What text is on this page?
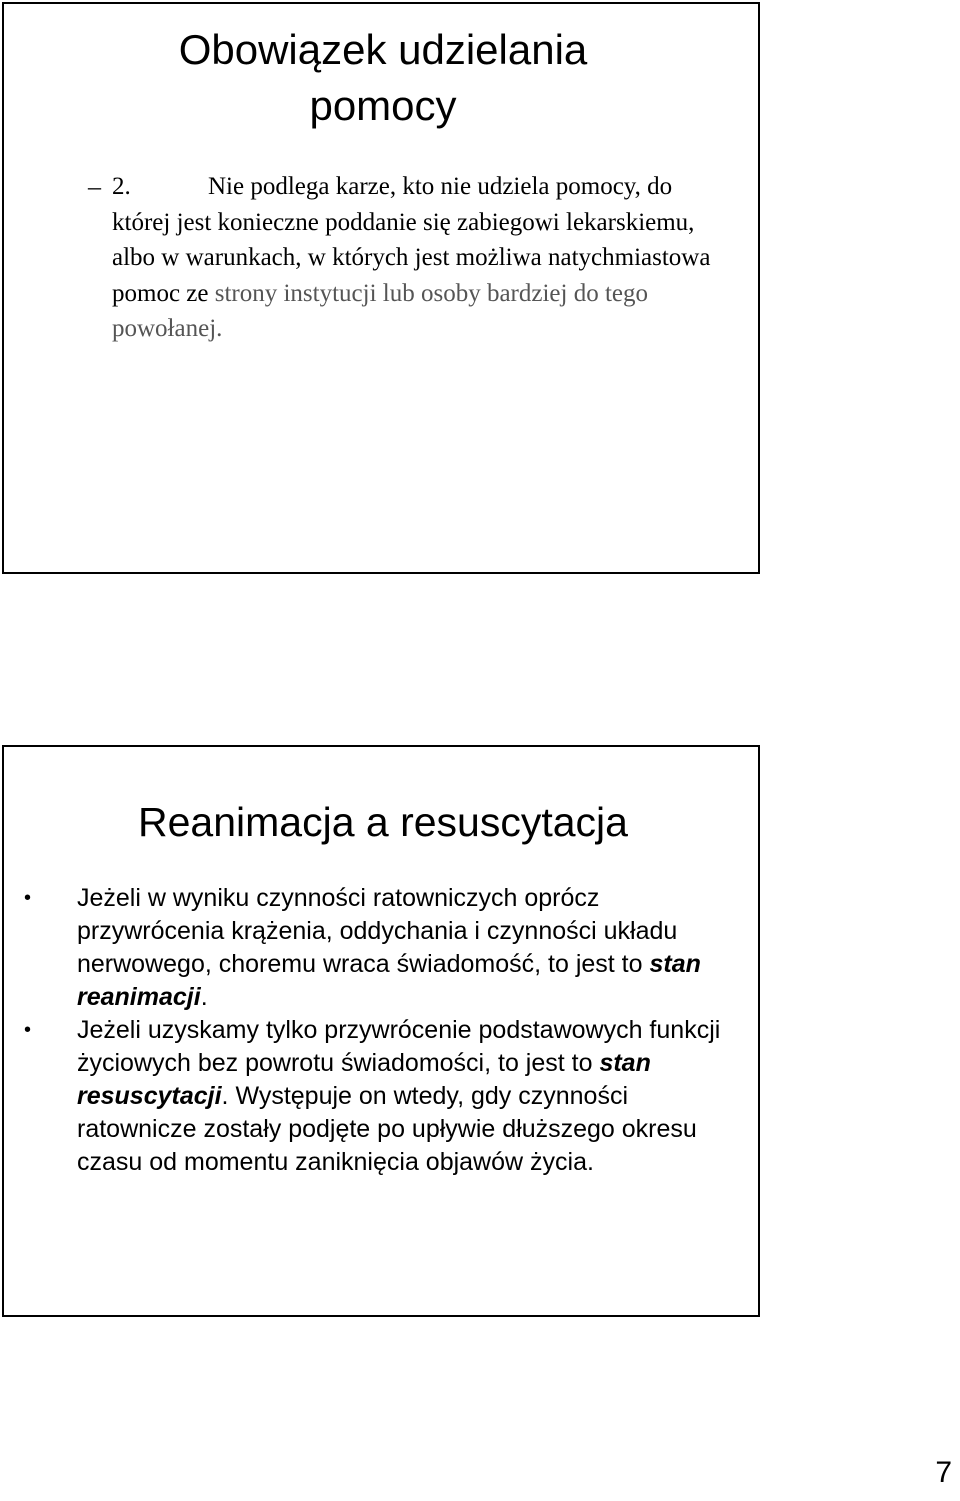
Obowiązek udzielania
pomocy
– 2.	Nie podlega karze, kto nie udziela pomocy, do której jest konieczne poddanie się zabiegowi lekarskiemu, albo w warunkach, w których jest możliwa natychmiastowa pomoc ze strony instytucji lub osoby bardziej do tego powołanej.

Reanimacja a resuscytacja
•	Jeżeli w wyniku czynności ratowniczych oprócz przywrócenia krążenia, oddychania i czynności układu nerwowego, choremu wraca świadomość, to jest to stan reanimacji.
•	Jeżeli uzyskamy tylko przywrócenie podstawowych funkcji życiowych bez powrotu świadomości, to jest to stan resuscytacji. Występuje on wtedy, gdy czynności ratownicze zostały podjęte po upływie dłuższego okresu czasu od momentu zaniknięcia objawów życia.
7
